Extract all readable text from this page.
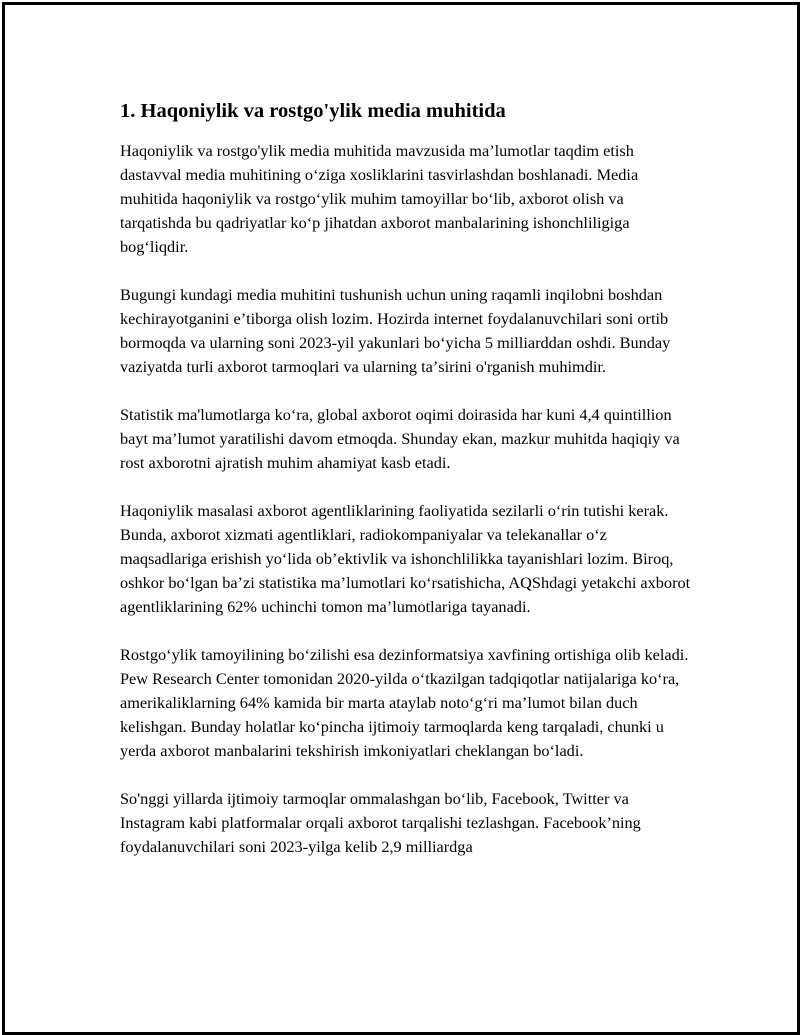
1. Haqoniylik va rostgo'ylik media muhitida

Haqoniylik va rostgo'ylik media muhitida mavzusida maʼlumotlar taqdim etish dastavval media muhitining oʻziga xosliklarini tasvirlashdan boshlanadi. Media muhitida haqoniylik va rostgoʻylik muhim tamoyillar boʻlib, axborot olish va tarqatishda bu qadriyatlar koʻp jihatdan axborot manbalarining ishonchliligiga bogʻliqdir.

Bugungi kundagi media muhitini tushunish uchun uning raqamli inqilobni boshdan kechirayotganini eʼtiborga olish lozim. Hozirda internet foydalanuvchilari soni ortib bormoqda va ularning soni 2023-yil yakunlari boʻyicha 5 milliarddan oshdi. Bunday vaziyatda turli axborot tarmoqlari va ularning taʼsirini o'rganish muhimdir.

Statistik ma'lumotlarga koʻra, global axborot oqimi doirasida har kuni 4,4 quintillion bayt maʼlumot yaratilishi davom etmoqda. Shunday ekan, mazkur muhitda haqiqiy va rost axborotni ajratish muhim ahamiyat kasb etadi.

Haqoniylik masalasi axborot agentliklarining faoliyatida sezilarli oʻrin tutishi kerak. Bunda, axborot xizmati agentliklari, radiokompaniyalar va telekanallar oʻz maqsadlariga erishish yoʻlida obʼektivlik va ishonchlilikka tayanishlari lozim. Biroq, oshkor boʻlgan baʼzi statistika maʼlumotlari koʻrsatishicha, AQShdagi yetakchi axborot agentliklarining 62% uchinchi tomon maʼlumotlariga tayanadi.

Rostgoʻylik tamoyilining boʻzilishi esa dezinformatsiya xavfining ortishiga olib keladi. Pew Research Center tomonidan 2020-yilda oʻtkazilgan tadqiqotlar natijalariga koʻra, amerikaliklarning 64% kamida bir marta ataylab notoʻgʻri maʼlumot bilan duch kelishgan. Bunday holatlar koʻpincha ijtimoiy tarmoqlarda keng tarqaladi, chunki u yerda axborot manbalarini tekshirish imkoniyatlari cheklangan boʻladi.

So'nggi yillarda ijtimoiy tarmoqlar ommalashgan boʻlib, Facebook, Twitter va Instagram kabi platformalar orqali axborot tarqalishi tezlashgan. Facebook’ning foydalanuvchilari soni 2023-yilga kelib 2,9 milliardga
